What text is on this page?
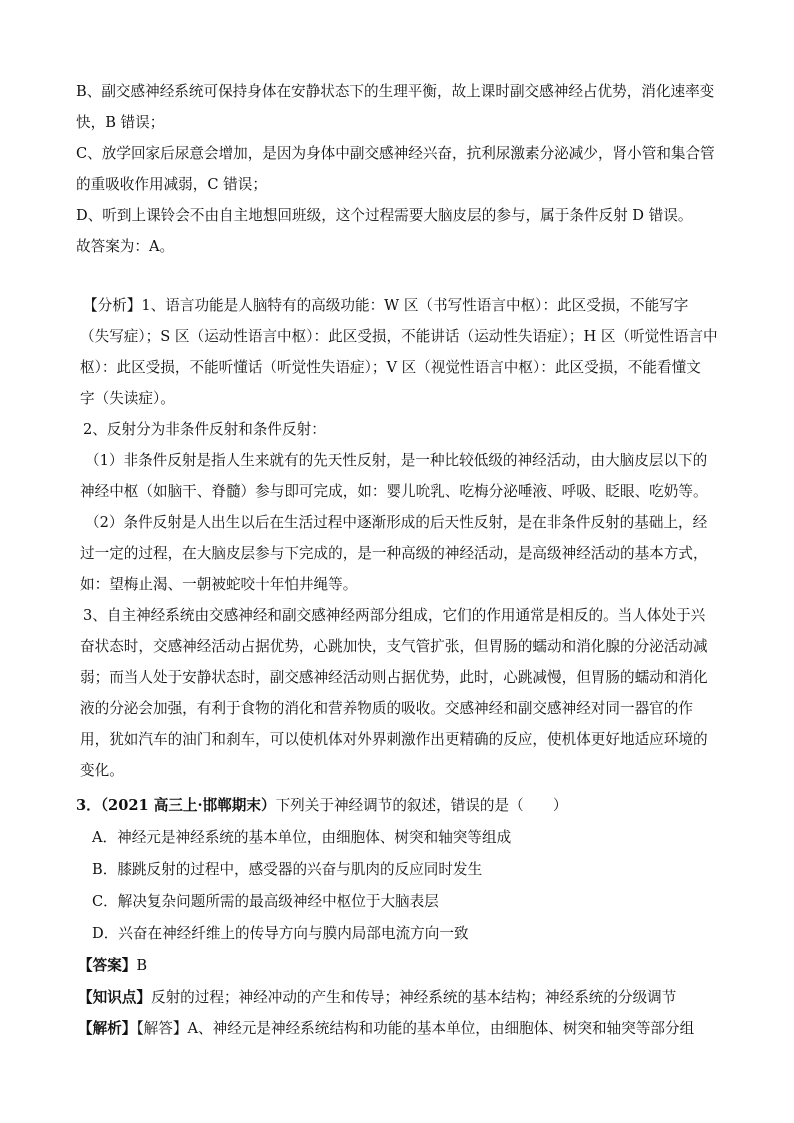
B、副交感神经系统可保持身体在安静状态下的生理平衡，故上课时副交感神经占优势，消化速率变
快，B 错误；
C、放学回家后尿意会增加，是因为身体中副交感神经兴奋，抗利尿激素分泌减少，肾小管和集合管
的重吸收作用减弱，C 错误；
D、听到上课铃会不由自主地想回班级，这个过程需要大脑皮层的参与，属于条件反射 D 错误。
故答案为：A。
【分析】1、语言功能是人脑特有的高级功能：W 区（书写性语言中枢）：此区受损，不能写字
（失写症）；S 区（运动性语言中枢）：此区受损，不能讲话（运动性失语症）；H 区（听觉性语言中
枢）：此区受损，不能听懂话（听觉性失语症）；V 区（视觉性语言中枢）：此区受损，不能看懂文
字（失读症）。
2、反射分为非条件反射和条件反射：
（1）非条件反射是指人生来就有的先天性反射，是一种比较低级的神经活动，由大脑皮层以下的
神经中枢（如脑干、脊髓）参与即可完成，如：婴儿吮乳、吃梅分泌唾液、呼吸、眨眼、吃奶等。
（2）条件反射是人出生以后在生活过程中逐渐形成的后天性反射，是在非条件反射的基础上，经
过一定的过程，在大脑皮层参与下完成的，是一种高级的神经活动，是高级神经活动的基本方式，
如：望梅止渴、一朝被蛇咬十年怕井绳等。
3、自主神经系统由交感神经和副交感神经两部分组成，它们的作用通常是相反的。当人体处于兴
奋状态时，交感神经活动占据优势，心跳加快，支气管扩张，但胃肠的蠕动和消化腺的分泌活动减
弱；而当人处于安静状态时，副交感神经活动则占据优势，此时，心跳减慢，但胃肠的蠕动和消化
液的分泌会加强，有利于食物的消化和营养物质的吸收。交感神经和副交感神经对同一器官的作
用，犹如汽车的油门和刹车，可以使机体对外界刺激作出更精确的反应，使机体更好地适应环境的
变化。
3．（2021 高三上·邯郸期末）下列关于神经调节的叙述，错误的是（　　）
A．神经元是神经系统的基本单位，由细胞体、树突和轴突等组成
B．膝跳反射的过程中，感受器的兴奋与肌肉的反应同时发生
C．解决复杂问题所需的最高级神经中枢位于大脑表层
D．兴奋在神经纤维上的传导方向与膜内局部电流方向一致
【答案】B
【知识点】反射的过程；神经冲动的产生和传导；神经系统的基本结构；神经系统的分级调节
【解析】【解答】A、神经元是神经系统结构和功能的基本单位，由细胞体、树突和轴突等部分组
